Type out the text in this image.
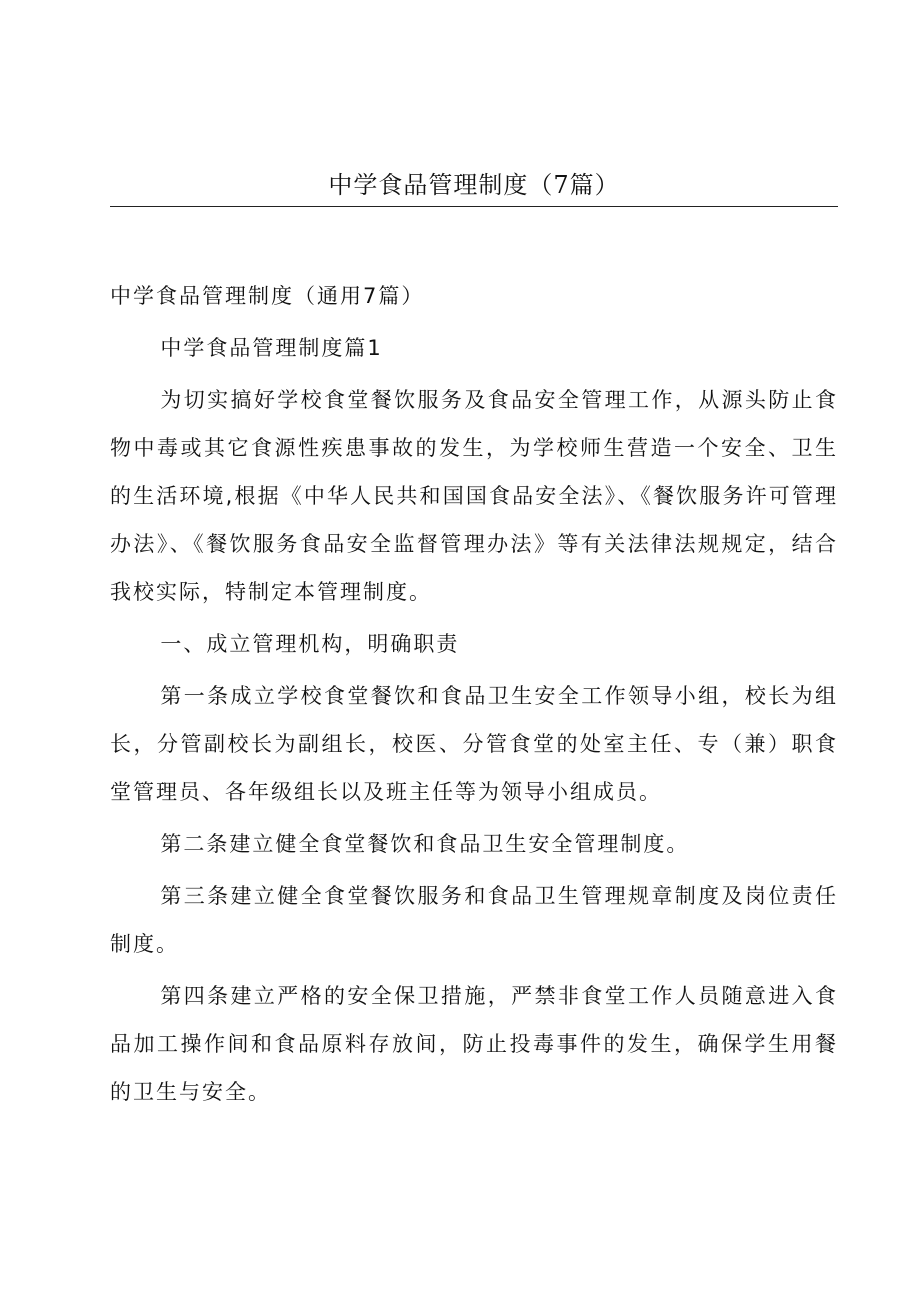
中学食品管理制度（7篇）

中学食品管理制度（通用7篇）

中学食品管理制度篇1

为切实搞好学校食堂餐饮服务及食品安全管理工作，从源头防止食物中毒或其它食源性疾患事故的发生，为学校师生营造一个安全、卫生的生活环境,根据《中华人民共和国国食品安全法》、《餐饮服务许可管理办法》、《餐饮服务食品安全监督管理办法》等有关法律法规规定，结合我校实际，特制定本管理制度。

一、成立管理机构，明确职责

第一条成立学校食堂餐饮和食品卫生安全工作领导小组，校长为组长，分管副校长为副组长，校医、分管食堂的处室主任、专（兼）职食堂管理员、各年级组长以及班主任等为领导小组成员。

第二条建立健全食堂餐饮和食品卫生安全管理制度。

第三条建立健全食堂餐饮服务和食品卫生管理规章制度及岗位责任制度。

第四条建立严格的安全保卫措施，严禁非食堂工作人员随意进入食品加工操作间和食品原料存放间，防止投毒事件的发生，确保学生用餐的卫生与安全。
